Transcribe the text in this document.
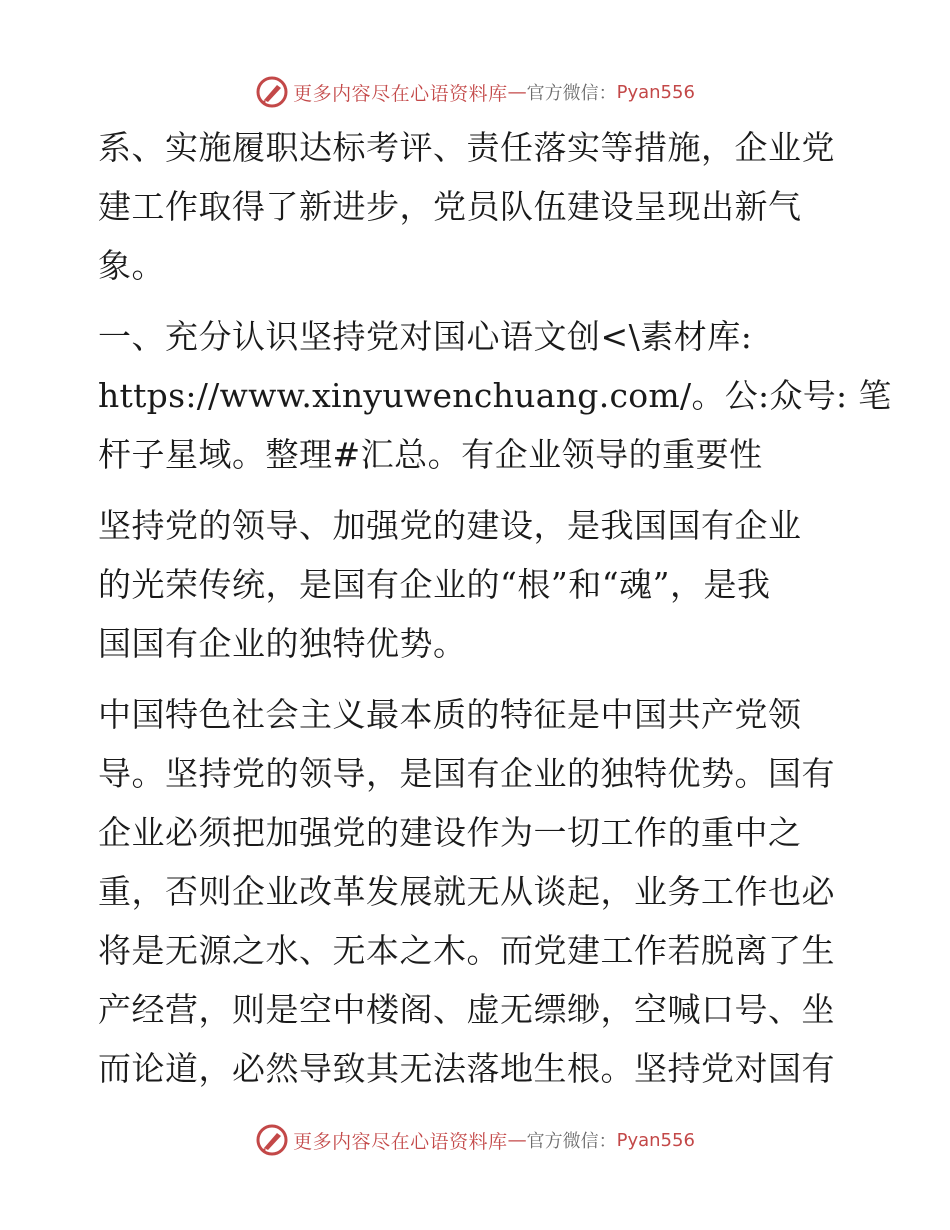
更多内容尽在心语资料库 — 官方微信： Pyan556

系、实施履职达标考评、责任落实等措施，企业党
建工作取得了新进步，党员队伍建设呈现出新气
象。

一、充分认识坚持党对国心语文创<\素材库:
https://www.xinyuwenchuang.com/。公:众号: 笔
杆子星域。整理#汇总。有企业领导的重要性

坚持党的领导、加强党的建设，是我国国有企业
的光荣传统，是国有企业的“根”和“魂”，是我
国国有企业的独特优势。

中国特色社会主义最本质的特征是中国共产党领
导。坚持党的领导，是国有企业的独特优势。国有
企业必须把加强党的建设作为一切工作的重中之
重，否则企业改革发展就无从谈起，业务工作也必
将是无源之水、无本之木。而党建工作若脱离了生
产经营，则是空中楼阁、虚无缥缈，空喊口号、坐
而论道，必然导致其无法落地生根。坚持党对国有

更多内容尽在心语资料库 — 官方微信： Pyan556
